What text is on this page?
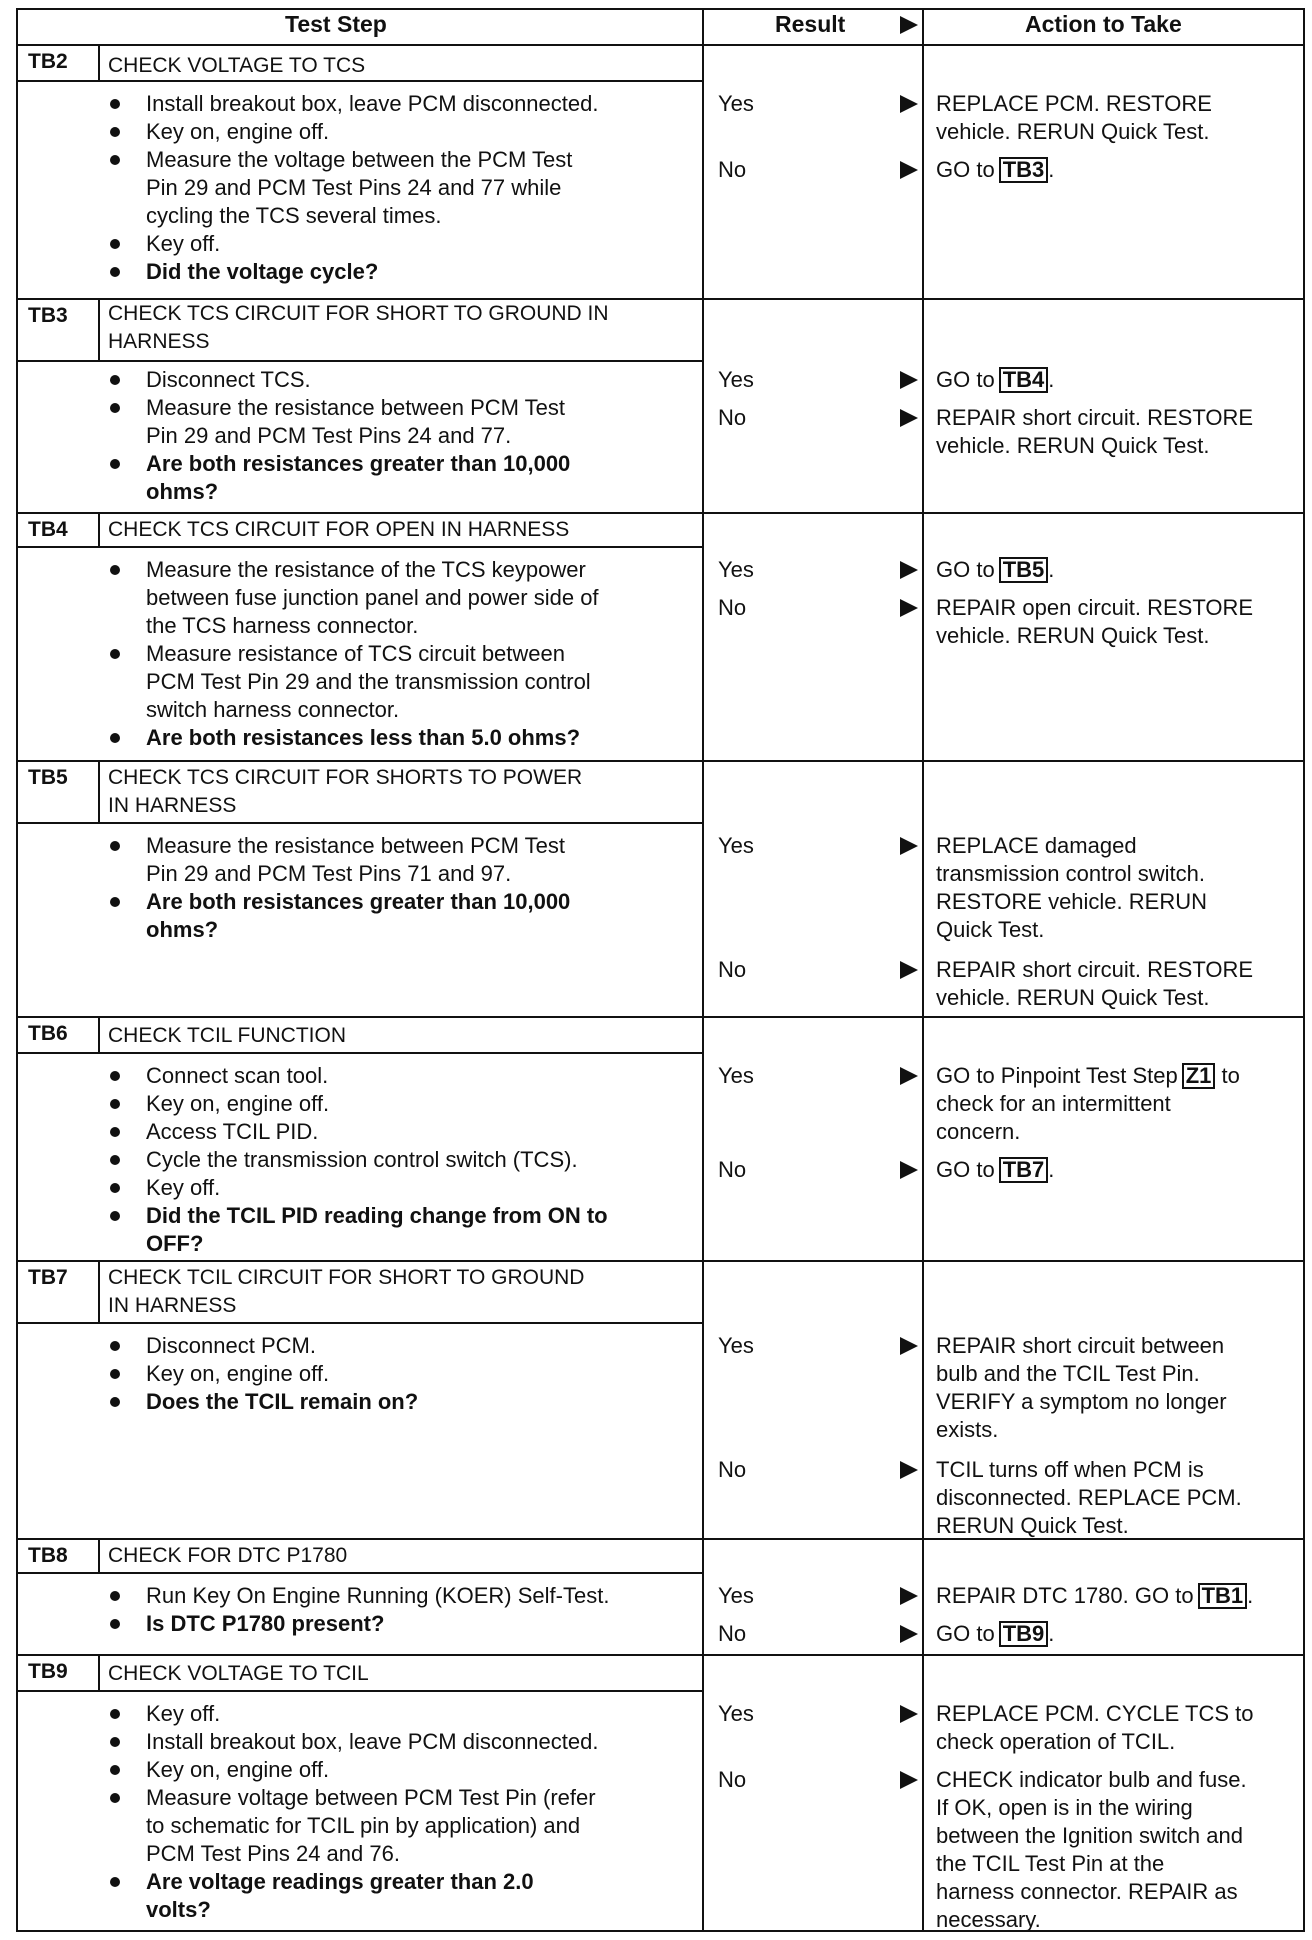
Test Step	Result	Action to Take
TB2 CHECK VOLTAGE TO TCS
Install breakout box, leave PCM disconnected.
Key on, engine off.
Measure the voltage between the PCM Test
Pin 29 and PCM Test Pins 24 and 77 while
cycling the TCS several times.
Key off.
Did the voltage cycle?
Yes	REPLACE PCM. RESTORE
vehicle. RERUN Quick Test.
No	GO to TB3 .
TB3 CHECK TCS CIRCUIT FOR SHORT TO GROUND IN
HARNESS
Disconnect TCS.
Measure the resistance between PCM Test
Pin 29 and PCM Test Pins 24 and 77.
Are both resistances greater than 10,000
ohms?
Yes	GO to TB4 .
No	REPAIR short circuit. RESTORE
vehicle. RERUN Quick Test.
TB4 CHECK TCS CIRCUIT FOR OPEN IN HARNESS
Measure the resistance of the TCS keypower
between fuse junction panel and power side of
the TCS harness connector.
Measure resistance of TCS circuit between
PCM Test Pin 29 and the transmission control
switch harness connector.
Are both resistances less than 5.0 ohms?
Yes	GO to TB5 .
No	REPAIR open circuit. RESTORE
vehicle. RERUN Quick Test.
TB5 CHECK TCS CIRCUIT FOR SHORTS TO POWER
IN HARNESS
Measure the resistance between PCM Test
Pin 29 and PCM Test Pins 71 and 97.
Are both resistances greater than 10,000
ohms?
Yes	REPLACE damaged
transmission control switch.
RESTORE vehicle. RERUN
Quick Test.
No	REPAIR short circuit. RESTORE
vehicle. RERUN Quick Test.
TB6 CHECK TCIL FUNCTION
Connect scan tool.
Key on, engine off.
Access TCIL PID.
Cycle the transmission control switch (TCS).
Key off.
Did the TCIL PID reading change from ON to
OFF?
Yes	GO to Pinpoint Test Step Z1 to
check for an intermittent
concern.
No	GO to TB7 .
TB7 CHECK TCIL CIRCUIT FOR SHORT TO GROUND
IN HARNESS
Disconnect PCM.
Key on, engine off.
Does the TCIL remain on?
Yes	REPAIR short circuit between
bulb and the TCIL Test Pin.
VERIFY a symptom no longer
exists.
No	TCIL turns off when PCM is
disconnected. REPLACE PCM.
RERUN Quick Test.
TB8 CHECK FOR DTC P1780
Run Key On Engine Running (KOER) Self-Test.
Is DTC P1780 present?
Yes	REPAIR DTC 1780. GO to TB1 .
No	GO to TB9 .
TB9 CHECK VOLTAGE TO TCIL
Key off.
Install breakout box, leave PCM disconnected.
Key on, engine off.
Measure voltage between PCM Test Pin (refer
to schematic for TCIL pin by application) and
PCM Test Pins 24 and 76.
Are voltage readings greater than 2.0
volts?
Yes	REPLACE PCM. CYCLE TCS to
check operation of TCIL.
No	CHECK indicator bulb and fuse.
If OK, open is in the wiring
between the Ignition switch and
the TCIL Test Pin at the
harness connector. REPAIR as
necessary.
